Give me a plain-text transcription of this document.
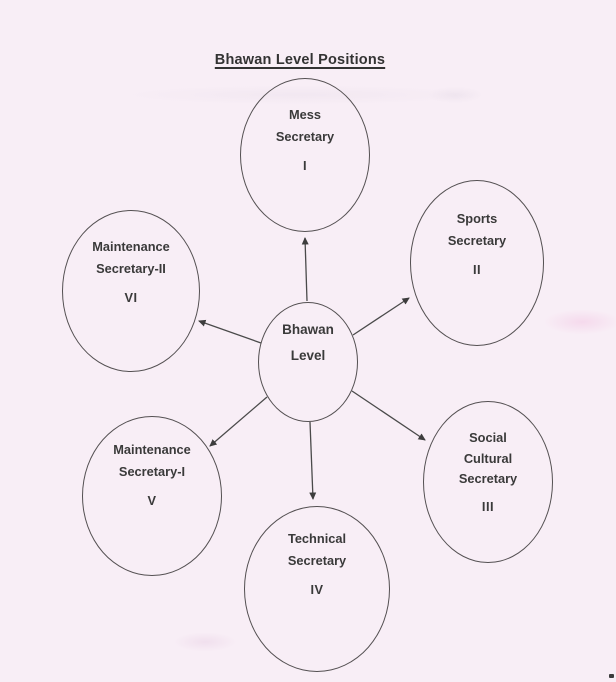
Bhawan Level Positions
Mess
Secretary
I
Sports
Secretary
II
Maintenance
Secretary-II
VI
Bhawan
Level
Social
Cultural
Secretary
III
Maintenance
Secretary-I
V
Technical
Secretary
IV
